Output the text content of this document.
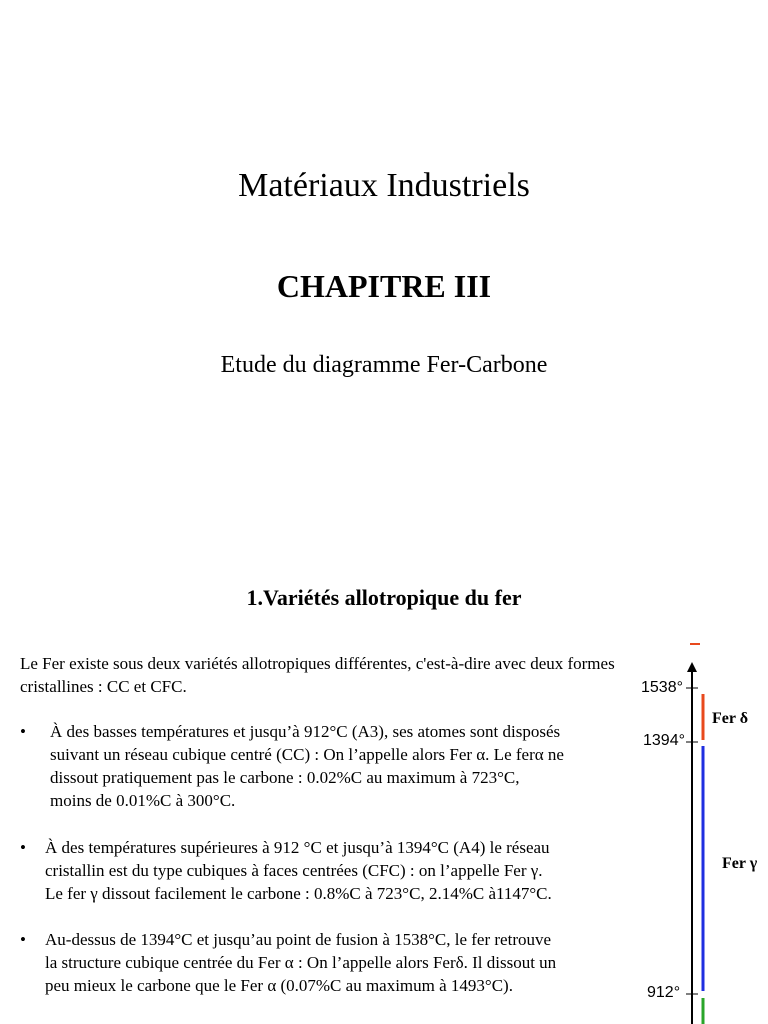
Matériaux Industriels
CHAPITRE III
Etude du diagramme Fer-Carbone
1.Variétés allotropique du fer
Le Fer existe sous deux variétés allotropiques différentes, c'est-à-dire avec deux formes cristallines : CC et CFC.
• À des basses températures et jusqu’à 912°C (A3), ses atomes sont disposés
suivant un réseau cubique centré (CC) : On l’appelle alors Fer α. Le ferα ne
dissout pratiquement pas le carbone : 0.02%C au maximum à 723°C,
moins de 0.01%C à 300°C.
• À des températures supérieures à 912 °C et jusqu’à 1394°C (A4) le réseau
cristallin est du type cubiques à faces centrées (CFC) : on l’appelle Fer γ.
Le fer γ dissout facilement le carbone : 0.8%C à 723°C, 2.14%C à1147°C.
• Au-dessus de 1394°C et jusqu’au point de fusion à 1538°C, le fer retrouve
la structure cubique centrée du Fer α : On l’appelle alors Ferδ. Il dissout un
peu mieux le carbone que le Fer α (0.07%C au maximum à 1493°C).
1538°
1394°
912°
Fer δ
Fer γ
